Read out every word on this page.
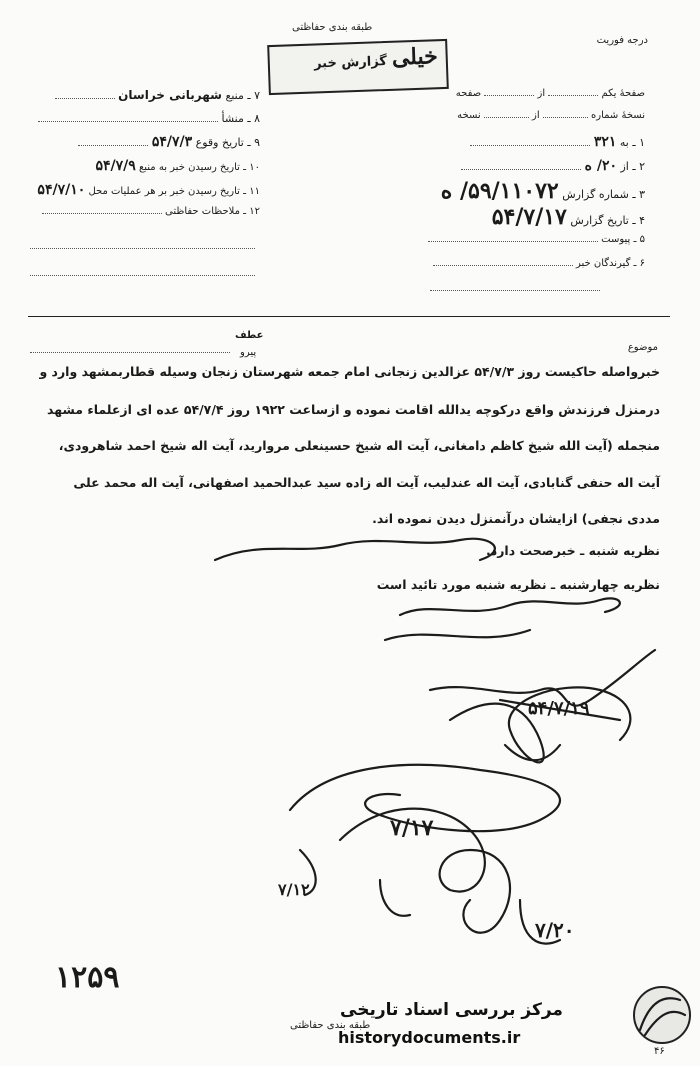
درجه فوریت
طبقه بندی حفاظتی
خیلی گزارش خبر
۷ ـ منبع شهربانی خراسان
۸ ـ منشأ
۹ ـ تاریخ وقوع ۵۴/۷/۳
۱۰ ـ تاریخ رسیدن خبر به منبع ۵۴/۷/۹
۱۱ ـ تاریخ رسیدن خبر بر هر عملیات محل ۵۴/۷/۱۰
۱۲ ـ ملاحظات حفاظتی
صفحهٔ یکم  از  صفحه
نسخهٔ شماره  از  نسخه
۱ ـ به ۳۲۱
۲ ـ از ۲۰/ ه
۳ ـ شماره گزارش ۵۹/۱۱۰۷۲/ ه
۴ ـ تاریخ گزارش ۵۴/۷/۱۷
۵ ـ پیوست
۶ ـ گیرندگان خبر
موضوع
عطف
پیرو
خبرواصله حاکیست روز ۵۴/۷/۳ عزالدین زنجانی امام جمعه شهرستان زنجان وسیله قطاربمشهد وارد و
درمنزل فرزندش واقع درکوچه یدالله اقامت نموده و ازساعت ۱۹۲۲ روز ۵۴/۷/۴ عده ای ازعلماء مشهد
منجمله (آیت الله شیخ کاظم دامغانی، آیت اله شیخ حسینعلی مروارید، آیت اله شیخ احمد شاهرودی،
آیت اله حنفی گنابادی، آیت اله عندلیب، آیت اله زاده سید عبدالحمید اصفهانی، آیت اله محمد علی
مددی نجفی) ازایشان درآنمنزل دیدن نموده اند.
نظریه شنبه ـ خبرصحت دارد.
نظریه چهارشنبه ـ نظریه شنبه مورد تائید است
۵۴/۷/۱۹
۷/۱۲
۷/۱۷
۷/۲۰
۱۲۵۹
طبقه بندی حفاظتی
۴۶
مرکز بررسی اسناد تاریخی
historydocuments.ir
